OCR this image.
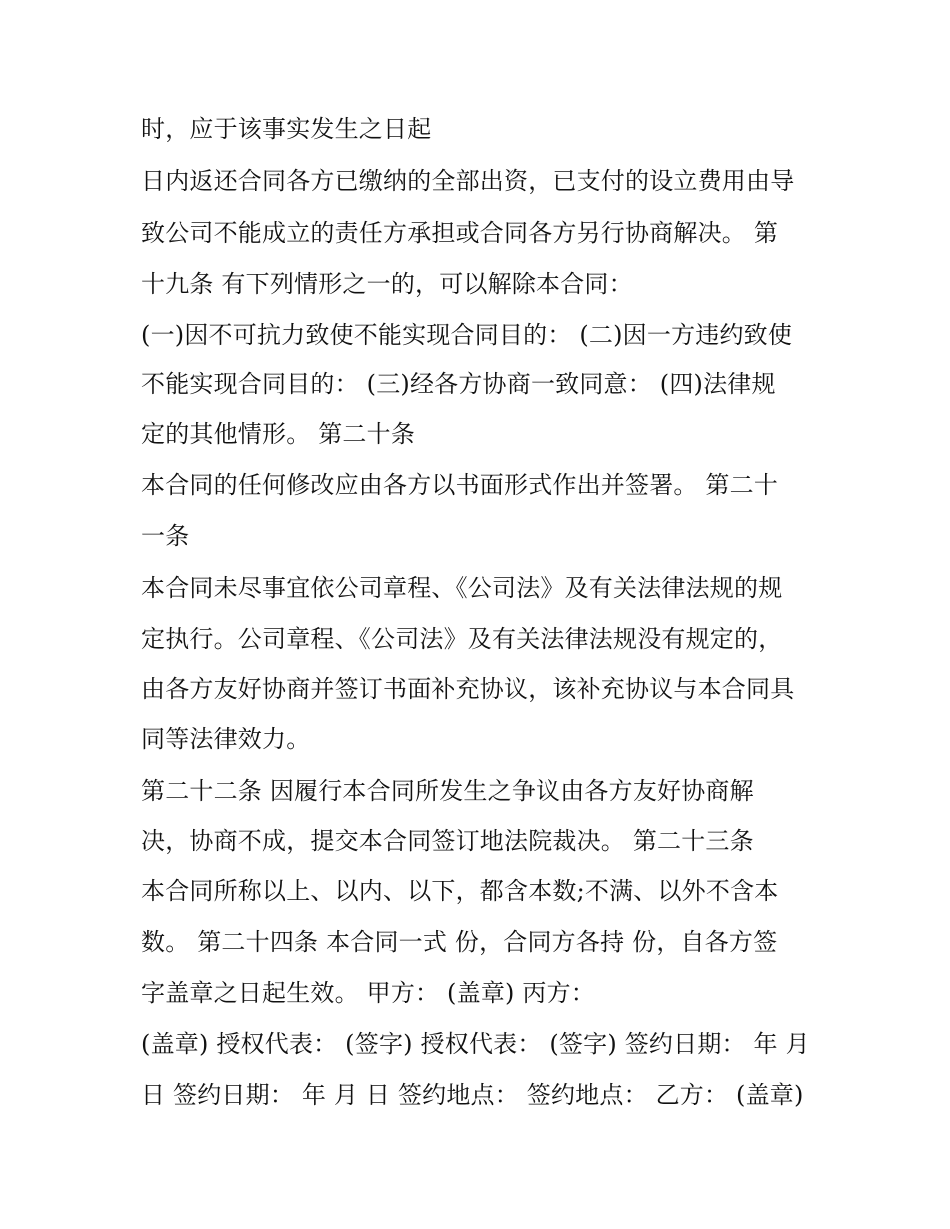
时，应于该事实发生之日起
日内返还合同各方已缴纳的全部出资，已支付的设立费用由导
致公司不能成立的责任方承担或合同各方另行协商解决。 第
十九条 有下列情形之一的，可以解除本合同：
(一)因不可抗力致使不能实现合同目的： (二)因一方违约致使
不能实现合同目的： (三)经各方协商一致同意： (四)法律规
定的其他情形。 第二十条
本合同的任何修改应由各方以书面形式作出并签署。 第二十
一条
本合同未尽事宜依公司章程、《公司法》及有关法律法规的规
定执行。公司章程、《公司法》及有关法律法规没有规定的，
由各方友好协商并签订书面补充协议，该补充协议与本合同具
同等法律效力。
第二十二条 因履行本合同所发生之争议由各方友好协商解
决，协商不成，提交本合同签订地法院裁决。 第二十三条
本合同所称以上、以内、以下，都含本数;不满、以外不含本
数。 第二十四条 本合同一式 份，合同方各持 份，自各方签
字盖章之日起生效。 甲方： (盖章) 丙方：
(盖章) 授权代表： (签字) 授权代表： (签字) 签约日期： 年 月
日 签约日期： 年 月 日 签约地点： 签约地点： 乙方： (盖章)
